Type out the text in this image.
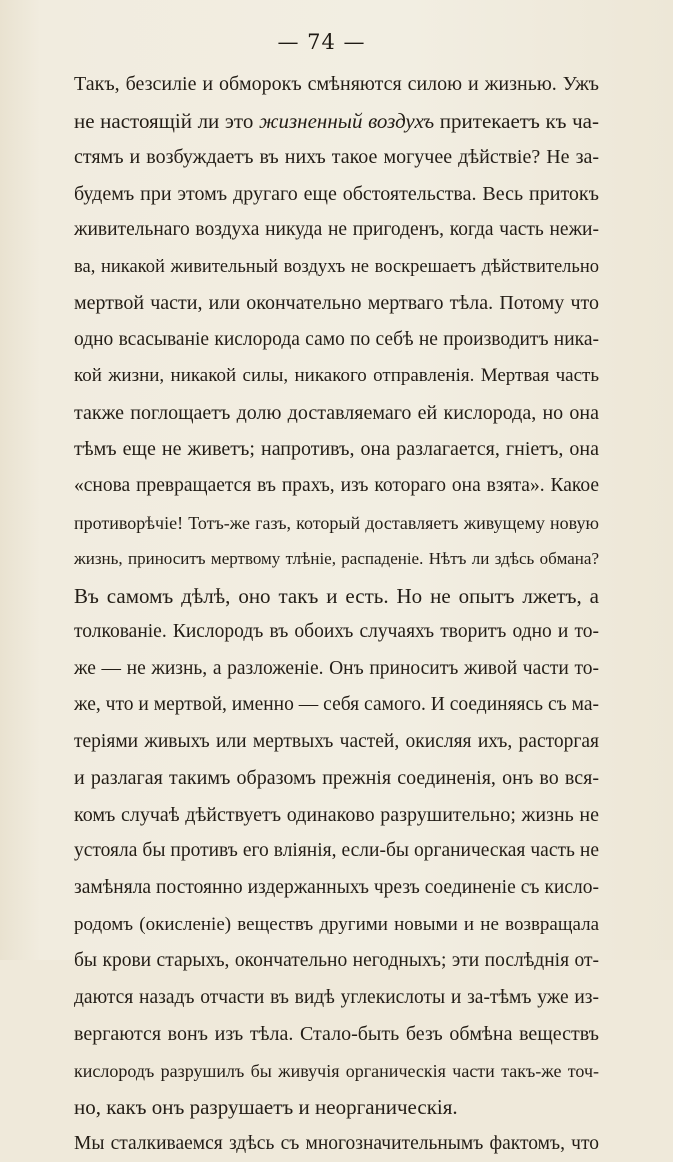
— 74 —
Такъ, безсиліе и обморокъ смѣняются силою и жизнью. Ужъ
не настоящій ли это жизненный воздухъ притекаетъ къ ча-
стямъ и возбуждаетъ въ нихъ такое могучее дѣйствіе? Не за-
будемъ при этомъ другаго еще обстоятельства. Весь притокъ
живительнаго воздуха никуда не пригоденъ, когда часть нежи-
ва, никакой живительный воздухъ не воскрешаетъ дѣйствительно
мертвой части, или окончательно мертваго тѣла. Потому что
одно всасываніе кислорода само по себѣ не производитъ ника-
кой жизни, никакой силы, никакого отправленія. Мертвая часть
также поглощаетъ долю доставляемаго ей кислорода, но она
тѣмъ еще не живетъ; напротивъ, она разлагается, гніетъ, она
«снова превращается въ прахъ, изъ котораго она взята». Какое
противорѣчіе! Тотъ-же газъ, который доставляетъ живущему новую
жизнь, приноситъ мертвому тлѣніе, распаденіе. Нѣтъ ли здѣсь обмана?
Въ самомъ дѣлѣ, оно такъ и есть. Но не опытъ лжетъ, а
толкованіе. Кислородъ въ обоихъ случаяхъ творитъ одно и то-
же — не жизнь, а разложеніе. Онъ приноситъ живой части то-
же, что и мертвой, именно — себя самого. И соединяясь съ ма-
теріями живыхъ или мертвыхъ частей, окисляя ихъ, расторгая
и разлагая такимъ образомъ прежнія соединенія, онъ во вся-
комъ случаѣ дѣйствуетъ одинаково разрушительно; жизнь не
устояла бы противъ его вліянія, если-бы органическая часть не
замѣняла постоянно издержанныхъ чрезъ соединеніе съ кисло-
родомъ (окисленіе) веществъ другими новыми и не возвращала
бы крови старыхъ, окончательно негодныхъ; эти послѣднія от-
даются назадъ отчасти въ видѣ углекислоты и за-тѣмъ уже из-
вергаются вонъ изъ тѣла. Стало-быть безъ обмѣна веществъ
кислородъ разрушилъ бы живучія органическія части такъ-же точ-
но, какъ онъ разрушаетъ и неорганическія.
Мы сталкиваемся здѣсь съ многозначительнымъ фактомъ, что
